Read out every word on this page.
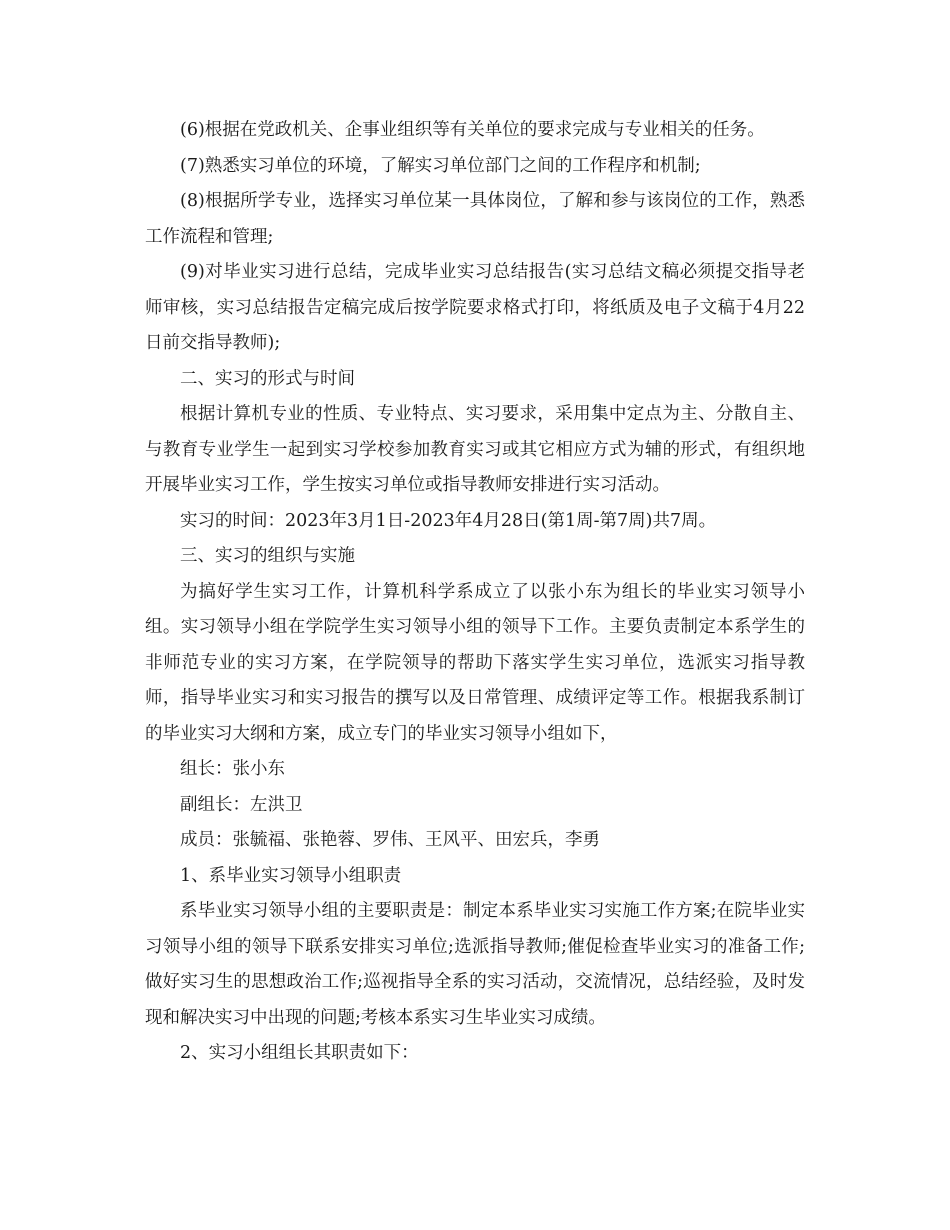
(6)根据在党政机关、企事业组织等有关单位的要求完成与专业相关的任务。

(7)熟悉实习单位的环境，了解实习单位部门之间的工作程序和机制;

(8)根据所学专业，选择实习单位某一具体岗位，了解和参与该岗位的工作，熟悉工作流程和管理;

(9)对毕业实习进行总结，完成毕业实习总结报告(实习总结文稿必须提交指导老师审核，实习总结报告定稿完成后按学院要求格式打印，将纸质及电子文稿于4月22日前交指导教师);

二、实习的形式与时间

根据计算机专业的性质、专业特点、实习要求，采用集中定点为主、分散自主、与教育专业学生一起到实习学校参加教育实习或其它相应方式为辅的形式，有组织地开展毕业实习工作，学生按实习单位或指导教师安排进行实习活动。

实习的时间：2023年3月1日-2023年4月28日(第1周-第7周)共7周。

三、实习的组织与实施

为搞好学生实习工作，计算机科学系成立了以张小东为组长的毕业实习领导小组。实习领导小组在学院学生实习领导小组的领导下工作。主要负责制定本系学生的非师范专业的实习方案，在学院领导的帮助下落实学生实习单位，选派实习指导教师，指导毕业实习和实习报告的撰写以及日常管理、成绩评定等工作。根据我系制订的毕业实习大纲和方案，成立专门的毕业实习领导小组如下，

组长：张小东

副组长：左洪卫

成员：张毓福、张艳蓉、罗伟、王风平、田宏兵，李勇

1、系毕业实习领导小组职责

系毕业实习领导小组的主要职责是：制定本系毕业实习实施工作方案;在院毕业实习领导小组的领导下联系安排实习单位;选派指导教师;催促检查毕业实习的准备工作;做好实习生的思想政治工作;巡视指导全系的实习活动，交流情况，总结经验，及时发现和解决实习中出现的问题;考核本系实习生毕业实习成绩。

2、实习小组组长其职责如下：
